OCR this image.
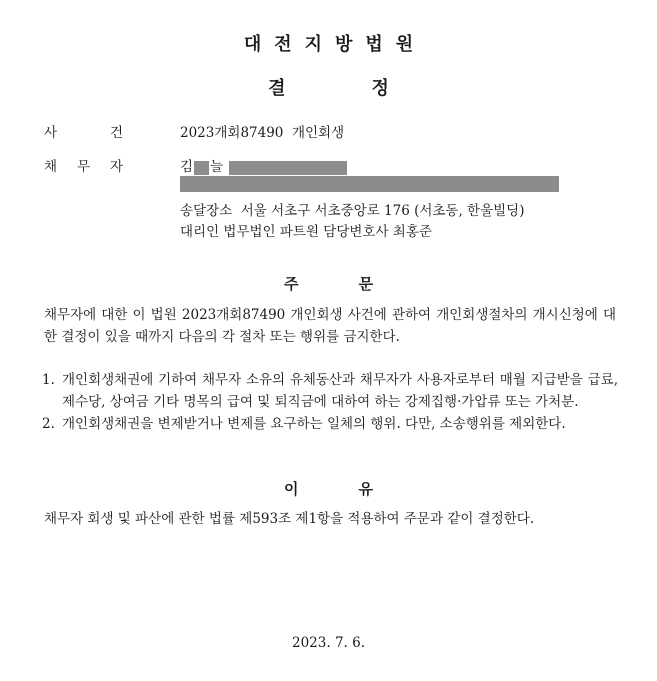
대전지방법원
결정
사	건	2023개회87490  개인회생
채 무 자	김 늘
송달장소  서울 서초구 서초중앙로 176 (서초동, 한울빌딩)
대리인 법무법인 파트원 담당변호사 최홍준
주문
채무자에 대한 이 법원 2023개회87490 개인회생 사건에 관하여 개인회생절차의 개시신청에 대한 결정이 있을 때까지 다음의 각 절차 또는 행위를 금지한다.
1. 개인회생채권에 기하여 채무자 소유의 유체동산과 채무자가 사용자로부터 매월 지급받을 급료, 제수당, 상여금 기타 명목의 급여 및 퇴직금에 대하여 하는 강제집행·가압류 또는 가처분.
2. 개인회생채권을 변제받거나 변제를 요구하는 일체의 행위. 다만, 소송행위를 제외한다.
이유
채무자 회생 및 파산에 관한 법률 제593조 제1항을 적용하여 주문과 같이 결정한다.
2023. 7. 6.
